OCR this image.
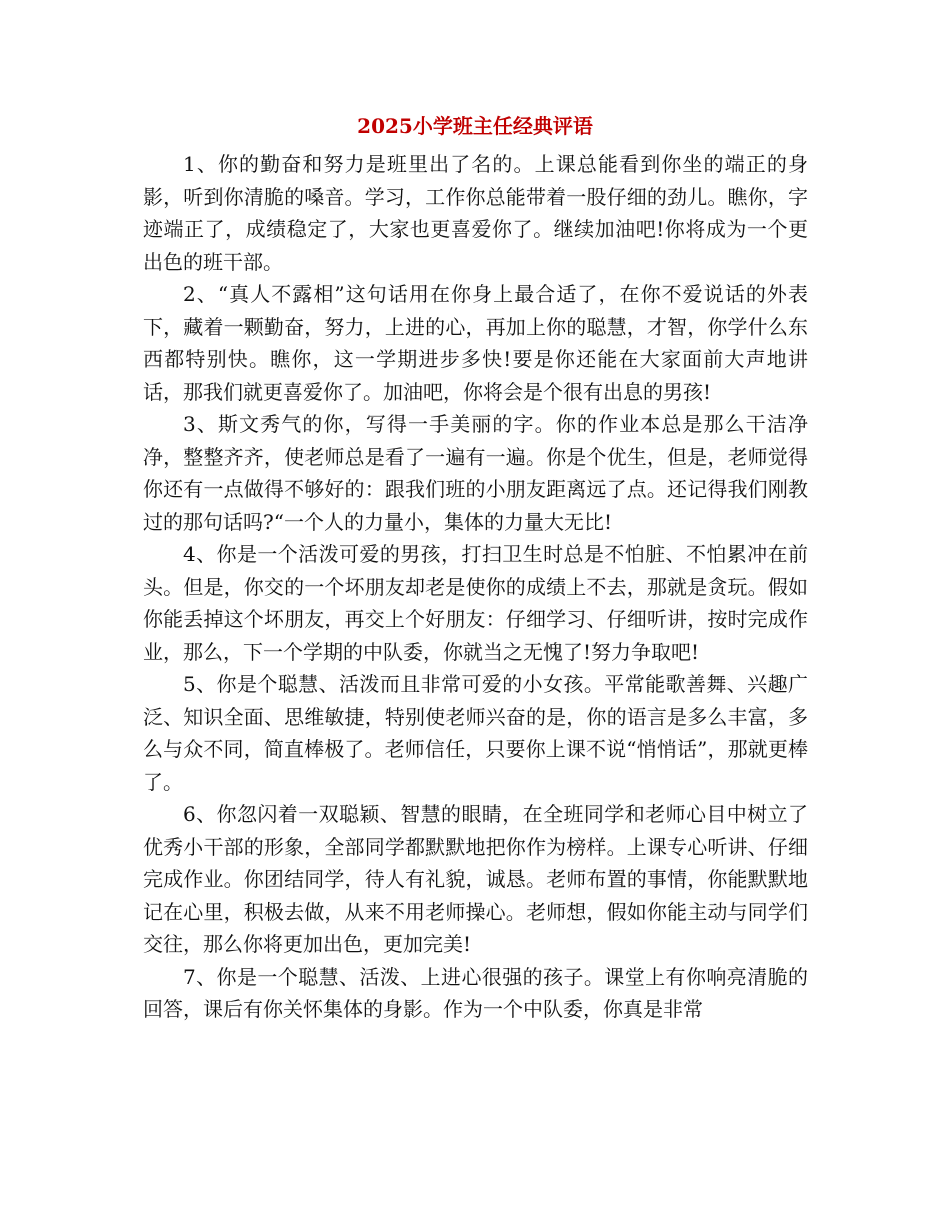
2025小学班主任经典评语

1、你的勤奋和努力是班里出了名的。上课总能看到你坐的端正的身影，听到你清脆的嗓音。学习，工作你总能带着一股仔细的劲儿。瞧你，字迹端正了，成绩稳定了，大家也更喜爱你了。继续加油吧!你将成为一个更出色的班干部。

2、“真人不露相”这句话用在你身上最合适了，在你不爱说话的外表下，藏着一颗勤奋，努力，上进的心，再加上你的聪慧，才智，你学什么东西都特别快。瞧你，这一学期进步多快!要是你还能在大家面前大声地讲话，那我们就更喜爱你了。加油吧，你将会是个很有出息的男孩!

3、斯文秀气的你，写得一手美丽的字。你的作业本总是那么干洁净净，整整齐齐，使老师总是看了一遍有一遍。你是个优生，但是，老师觉得你还有一点做得不够好的：跟我们班的小朋友距离远了点。还记得我们刚教过的那句话吗?“一个人的力量小，集体的力量大无比!

4、你是一个活泼可爱的男孩，打扫卫生时总是不怕脏、不怕累冲在前头。但是，你交的一个坏朋友却老是使你的成绩上不去，那就是贪玩。假如你能丢掉这个坏朋友，再交上个好朋友：仔细学习、仔细听讲，按时完成作业，那么，下一个学期的中队委，你就当之无愧了!努力争取吧!

5、你是个聪慧、活泼而且非常可爱的小女孩。平常能歌善舞、兴趣广泛、知识全面、思维敏捷，特别使老师兴奋的是，你的语言是多么丰富，多么与众不同，简直棒极了。老师信任，只要你上课不说“悄悄话”，那就更棒了。

6、你忽闪着一双聪颖、智慧的眼睛，在全班同学和老师心目中树立了优秀小干部的形象，全部同学都默默地把你作为榜样。上课专心听讲、仔细完成作业。你团结同学，待人有礼貌，诚恳。老师布置的事情，你能默默地记在心里，积极去做，从来不用老师操心。老师想，假如你能主动与同学们交往，那么你将更加出色，更加完美!

7、你是一个聪慧、活泼、上进心很强的孩子。课堂上有你响亮清脆的回答，课后有你关怀集体的身影。作为一个中队委，你真是非常
